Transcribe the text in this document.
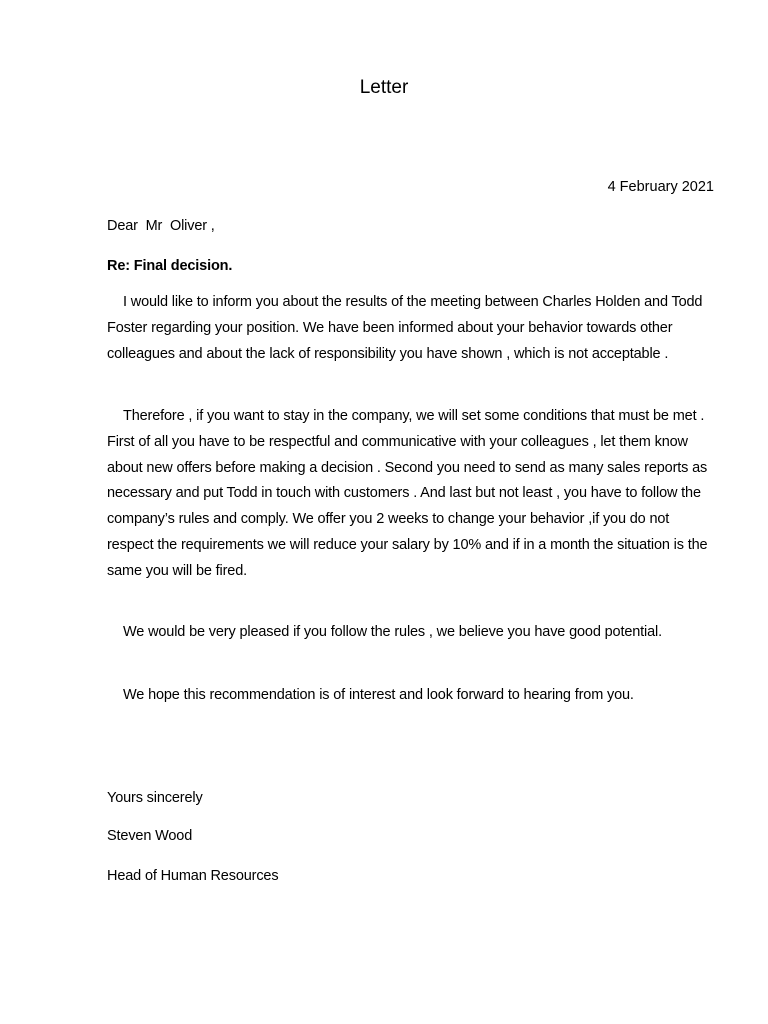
Letter
4 February 2021
Dear  Mr  Oliver ,
Re: Final decision.
I would like to inform you about the results of the meeting between Charles Holden and Todd Foster regarding your position. We have been informed about your behavior towards other colleagues and about the lack of responsibility you have shown , which is not acceptable .
Therefore , if you want to stay in the company, we will set some conditions that must be met . First of all you have to be respectful and communicative with your colleagues , let them know about new offers before making a decision . Second you need to send as many sales reports as necessary and put Todd in touch with customers . And last but not least , you have to follow the company’s rules and comply. We offer you 2 weeks to change your behavior ,if you do not respect the requirements we will reduce your salary by 10% and if in a month the situation is the same you will be fired.
We would be very pleased if you follow the rules , we believe you have good potential.
We hope this recommendation is of interest and look forward to hearing from you.
Yours sincerely
Steven Wood
Head of Human Resources
